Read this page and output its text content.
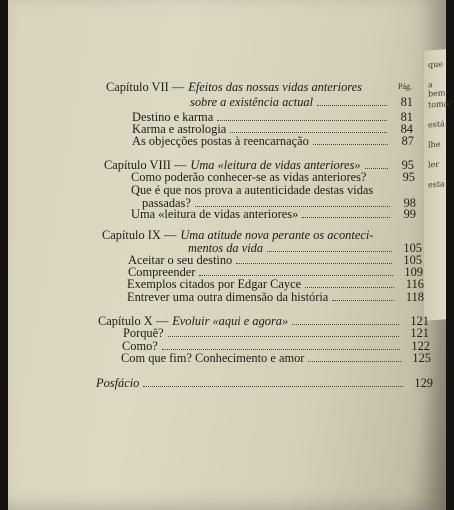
que
a bem
tomar
está
lhe
ler
esta
Pág.
Capítulo VII — Efeitos das nossas vidas anteriores
sobre a existência actual	81
Destino e karma	81
Karma e astrologia	84
As objecções postas à reencarnação	87
Capítulo VIII — Uma «leitura de vidas anteriores»	95
Como poderão conhecer-se as vidas anteriores?	95
Que é que nos prova a autenticidade destas vidas
passadas?	98
Uma «leitura de vidas anteriores»	99
Capítulo IX — Uma atitude nova perante os aconteci-
mentos da vida	105
Aceitar o seu destino	105
Compreender	109
Exemplos citados por Edgar Cayce	116
Entrever uma outra dimensão da história	118
Capítulo X — Evoluir «aqui e agora»	121
Porquê?	121
Como?	122
Com que fim? Conhecimento e amor	125
Posfácio	129
